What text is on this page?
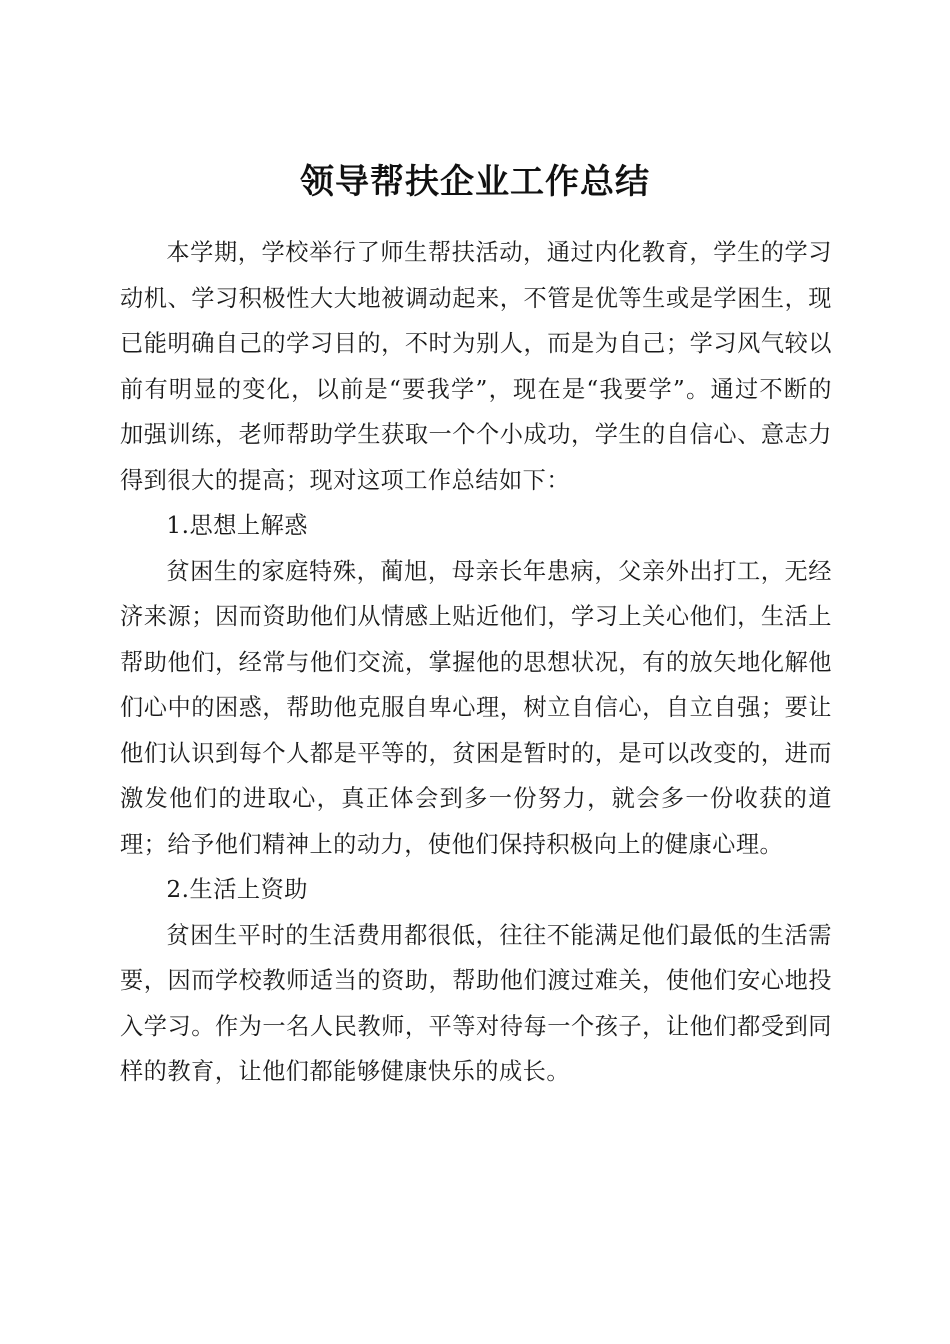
领导帮扶企业工作总结

本学期，学校举行了师生帮扶活动，通过内化教育，学生的学习动机、学习积极性大大地被调动起来，不管是优等生或是学困生，现已能明确自己的学习目的，不时为别人，而是为自己；学习风气较以前有明显的变化，以前是“要我学”，现在是“我要学”。通过不断的加强训练，老师帮助学生获取一个个小成功，学生的自信心、意志力得到很大的提高；现对这项工作总结如下：

1.思想上解惑

贫困生的家庭特殊，蔺旭，母亲长年患病，父亲外出打工，无经济来源；因而资助他们从情感上贴近他们，学习上关心他们，生活上帮助他们，经常与他们交流，掌握他的思想状况，有的放矢地化解他们心中的困惑，帮助他克服自卑心理，树立自信心，自立自强；要让他们认识到每个人都是平等的，贫困是暂时的，是可以改变的，进而激发他们的进取心，真正体会到多一份努力，就会多一份收获的道理；给予他们精神上的动力，使他们保持积极向上的健康心理。

2.生活上资助

贫困生平时的生活费用都很低，往往不能满足他们最低的生活需要，因而学校教师适当的资助，帮助他们渡过难关，使他们安心地投入学习。作为一名人民教师，平等对待每一个孩子，让他们都受到同样的教育，让他们都能够健康快乐的成长。
